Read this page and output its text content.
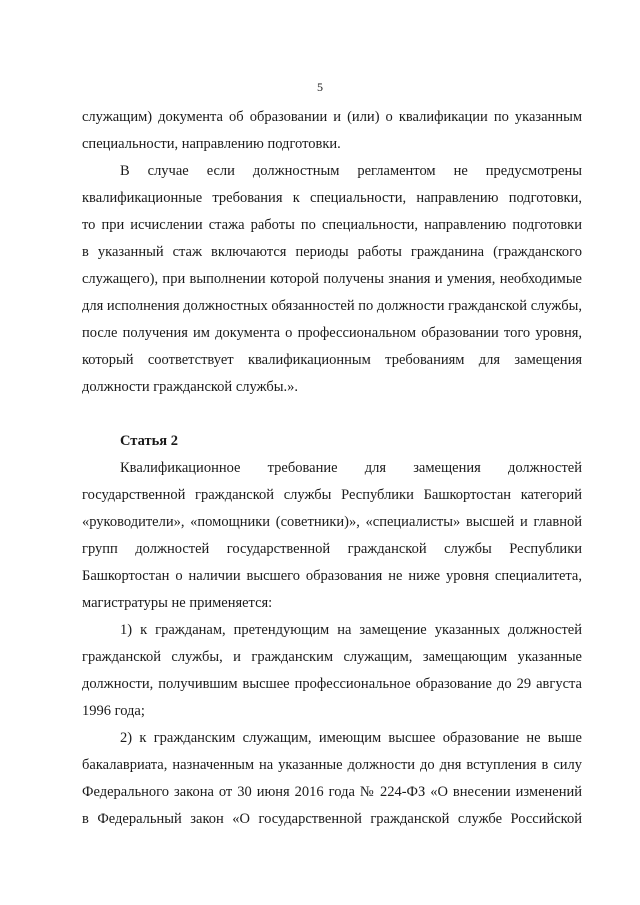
5
служащим) документа об образовании и (или) о квалификации по указанным
специальности, направлению подготовки.
В случае если должностным регламентом не предусмотрены
квалификационные требования к специальности, направлению подготовки,
то при исчислении стажа работы по специальности, направлению подготовки
в указанный стаж включаются периоды работы гражданина (гражданского
служащего), при выполнении которой получены знания и умения, необходимые
для исполнения должностных обязанностей по должности гражданской службы,
после получения им документа о профессиональном образовании того уровня,
который соответствует квалификационным требованиям для замещения
должности гражданской службы.».
Статья 2
Квалификационное требование для замещения должностей
государственной гражданской службы Республики Башкортостан категорий
«руководители», «помощники (советники)», «специалисты» высшей и главной
групп должностей государственной гражданской службы Республики
Башкортостан о наличии высшего образования не ниже уровня специалитета,
магистратуры не применяется:
1) к гражданам, претендующим на замещение указанных должностей
гражданской службы, и гражданским служащим, замещающим указанные
должности, получившим высшее профессиональное образование до 29 августа
1996 года;
2) к гражданским служащим, имеющим высшее образование не выше
бакалавриата, назначенным на указанные должности до дня вступления в силу
Федерального закона от 30 июня 2016 года № 224-ФЗ «О внесении изменений
в Федеральный закон «О государственной гражданской службе Российской
